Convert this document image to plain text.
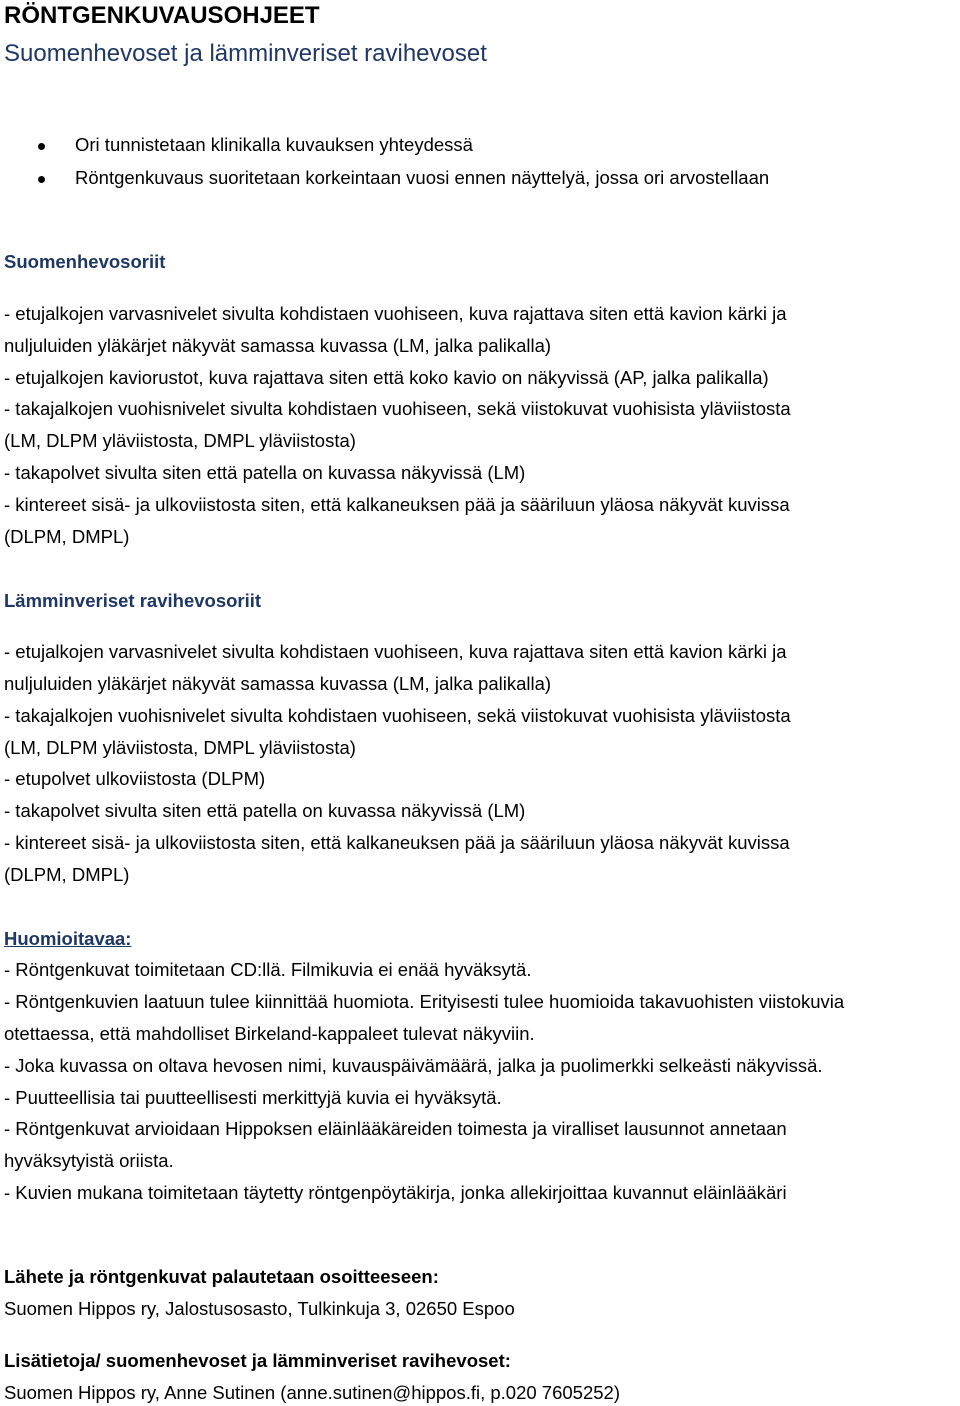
RÖNTGENKUVAUSOHJEET
Suomenhevoset ja lämminveriset ravihevoset
Ori tunnistetaan klinikalla kuvauksen yhteydessä
Röntgenkuvaus suoritetaan korkeintaan vuosi ennen näyttelyä, jossa ori arvostellaan
Suomenhevosoriit
- etujalkojen varvasnivelet sivulta kohdistaen vuohiseen, kuva rajattava siten että kavion kärki ja
nuljuluiden yläkärjet näkyvät samassa kuvassa (LM, jalka palikalla)
- etujalkojen kaviorustot, kuva rajattava siten että koko kavio on näkyvissä (AP, jalka palikalla)
- takajalkojen vuohisnivelet sivulta kohdistaen vuohiseen, sekä viistokuvat vuohisista yläviistosta
(LM, DLPM yläviistosta, DMPL yläviistosta)
- takapolvet sivulta siten että patella on kuvassa näkyvissä (LM)
- kintereet sisä- ja ulkoviistosta siten, että kalkaneuksen pää ja sääriluun yläosa näkyvät kuvissa
(DLPM, DMPL)
Lämminveriset ravihevosoriit
- etujalkojen varvasnivelet sivulta kohdistaen vuohiseen, kuva rajattava siten että kavion kärki ja
nuljuluiden yläkärjet näkyvät samassa kuvassa (LM, jalka palikalla)
- takajalkojen vuohisnivelet sivulta kohdistaen vuohiseen, sekä viistokuvat vuohisista yläviistosta
(LM, DLPM yläviistosta, DMPL yläviistosta)
- etupolvet ulkoviistosta (DLPM)
- takapolvet sivulta siten että patella on kuvassa näkyvissä (LM)
- kintereet sisä- ja ulkoviistosta siten, että kalkaneuksen pää ja sääriluun yläosa näkyvät kuvissa
(DLPM, DMPL)
Huomioitavaa:
- Röntgenkuvat toimitetaan CD:llä. Filmikuvia ei enää hyväksytä.
- Röntgenkuvien laatuun tulee kiinnittää huomiota. Erityisesti tulee huomioida takavuohisten viistokuvia
otettaessa, että mahdolliset Birkeland-kappaleet tulevat näkyviin.
- Joka kuvassa on oltava hevosen nimi, kuvauspäivämäärä, jalka ja puolimerkki selkeästi näkyvissä.
- Puutteellisia tai puutteellisesti merkittyjä kuvia ei hyväksytä.
- Röntgenkuvat arvioidaan Hippoksen eläinlääkäreiden toimesta ja viralliset lausunnot annetaan
hyväksytyistä oriista.
- Kuvien mukana toimitetaan täytetty röntgenpöytäkirja, jonka allekirjoittaa kuvannut eläinlääkäri
Lähete ja röntgenkuvat palautetaan osoitteeseen:
Suomen Hippos ry, Jalostusosasto, Tulkinkuja 3, 02650 Espoo
Lisätietoja/ suomenhevoset ja lämminveriset ravihevoset:
Suomen Hippos ry, Anne Sutinen (anne.sutinen@hippos.fi, p.020 7605252)
